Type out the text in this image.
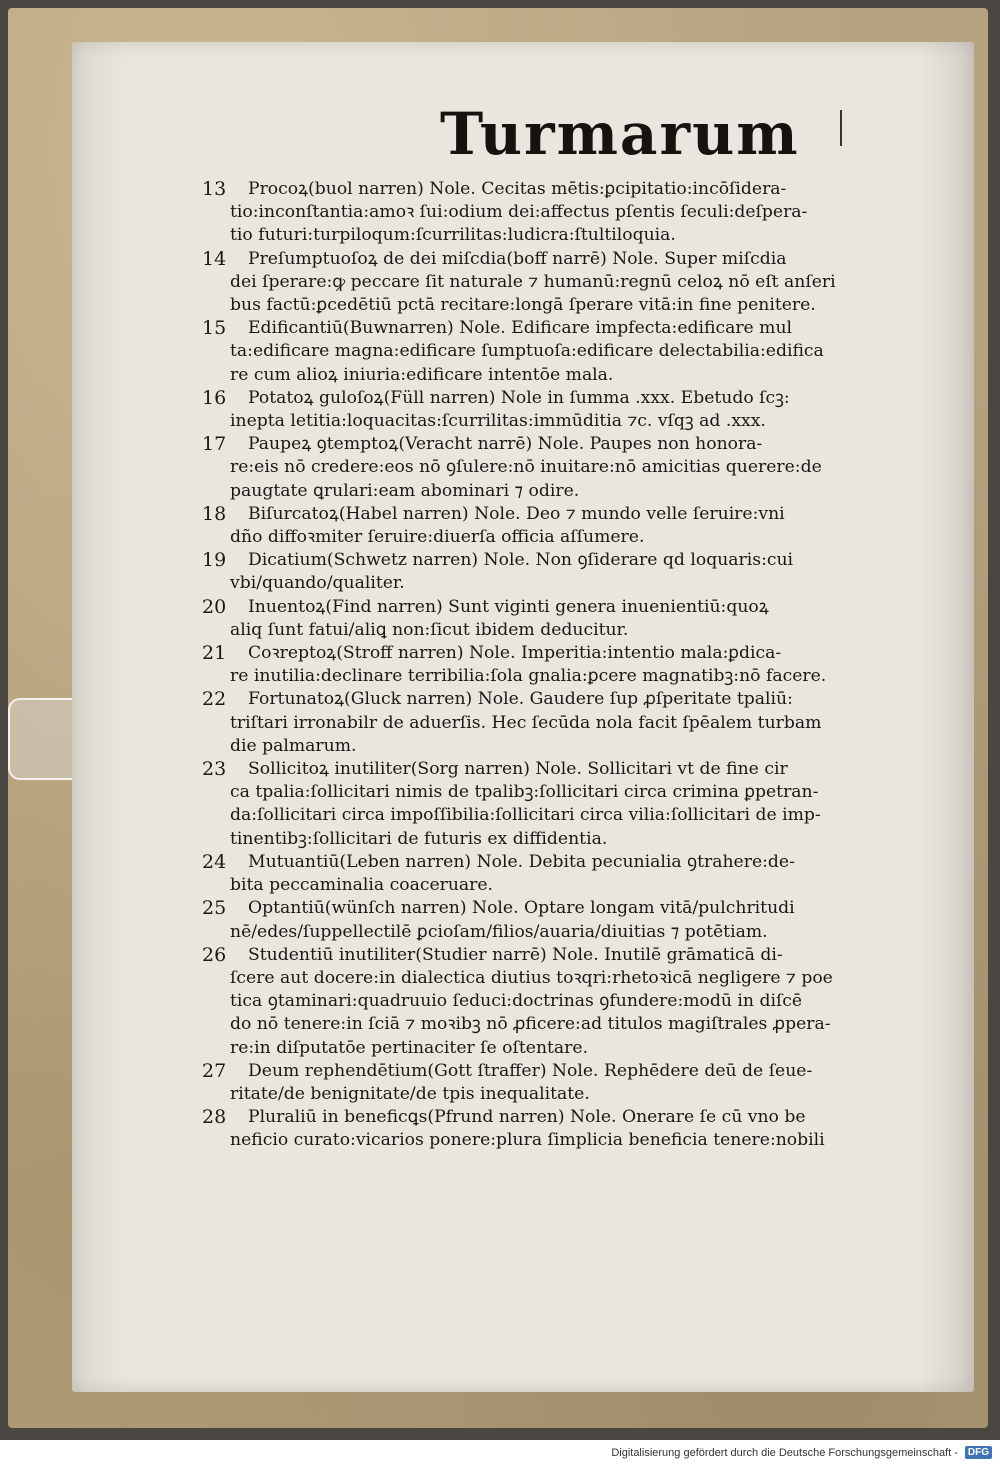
Turmarum
13	Procoꝝ(buol narren) Nole. Cecitas mētis:ꝑcipitatio:incōſidera-
tio:inconſtantia:amoꝛ ſui:odium dei:affectus pſentis ſeculi:deſpera-
tio futuri:turpiloqum:ſcurrilitas:ludicra:ſtultiloquia.
14	Preſumptuoſoꝝ de dei miſcdia(boff narrē) Nole. Super miſcdia
dei ſperare:ꝙ peccare ſit naturale ⁊ humanū:regnū celoꝝ nō eſt anſeri
bus factū:ꝑcedētiū pctā recitare:longā ſperare vitā:in fine penitere.
15	Edificantiū(Buwnarren) Nole. Edificare impfecta:edificare mul
ta:edificare magna:edificare ſumptuoſa:edificare delectabilia:edifica
re cum alioꝝ iniuria:edificare intentōe mala.
16	Potatoꝝ guloſoꝝ(Füll narren) Nole in ſumma .xxx. Ebetudo ſcꝫ:
inepta letitia:loquacitas:ſcurrilitas:immūditia ⁊c. vſqꝫ ad .xxx.
17	Paupeꝝ ꝯtemptoꝝ(Veracht narrē) Nole. Paupes non honora-
re:eis nō credere:eos nō ꝯſulere:nō inuitare:nō amicitias querere:de
paugtate ꝗrulari:eam abominari ⁊ odire.
18	Biſurcatoꝝ(Habel narren) Nole. Deo ⁊ mundo velle ſeruire:vni
dño diffoꝛmiter ſeruire:diuerſa officia aſſumere.
19	Dicatium(Schwetz narren) Nole. Non ꝯſiderare qd loquaris:cui
vbi/quando/qualiter.
20	Inuentoꝝ(Find narren) Sunt viginti genera inuenientiū:quoꝝ
aliq ſunt fatui/aliꝗ non:ſicut ibidem deducitur.
21	Coꝛreptoꝝ(Stroff narren) Nole. Imperitia:intentio mala:ꝑdica-
re inutilia:declinare terribilia:ſola gnalia:ꝑcere magnatibꝫ:nō facere.
22	Fortunatoꝝ(Gluck narren) Nole. Gaudere ſup ꝓſperitate tpaliū:
triſtari irronabilr de aduerſis. Hec ſecūda nola facit ſpēalem turbam
die palmarum.
23	Sollicitoꝝ inutiliter(Sorg narren) Nole. Sollicitari vt de fine cir
ca tpalia:ſollicitari nimis de tpalibꝫ:ſollicitari circa crimina ꝑpetran-
da:ſollicitari circa impoſſibilia:ſollicitari circa vilia:ſollicitari de imp-
tinentibꝫ:ſollicitari de futuris ex diffidentia.
24	Mutuantiū(Leben narren) Nole. Debita pecunialia ꝯtrahere:de-
bita peccaminalia coaceruare.
25	Optantiū(wünſch narren) Nole. Optare longam vitā/pulchritudi
nē/edes/ſuppellectilē ꝑcioſam/filios/auaria/diuitias ⁊ potētiam.
26	Studentiū inutiliter(Studier narrē) Nole. Inutilē grāmaticā di-
ſcere aut docere:in dialectica diutius toꝛqri:rhetoꝛicā negligere ⁊ poe
tica ꝯtaminari:quadruuio ſeduci:doctrinas ꝯfundere:modū in diſcē
do nō tenere:in ſciā ⁊ moꝛibꝫ nō ꝓficere:ad titulos magiſtrales ꝓpera-
re:in diſputatōe pertinaciter ſe oſtentare.
27	Deum rephendētium(Gott ſtraffer) Nole. Rephēdere deū de ſeue-
ritate/de benignitate/de tpis inequalitate.
28	Pluraliū in beneficꝗs(Pfrund narren) Nole. Onerare ſe cū vno be
neficio curato:vicarios ponere:plura ſimplicia beneficia tenere:nobili
Digitalisierung gefördert durch die Deutsche Forschungsgemeinschaft - DFG
